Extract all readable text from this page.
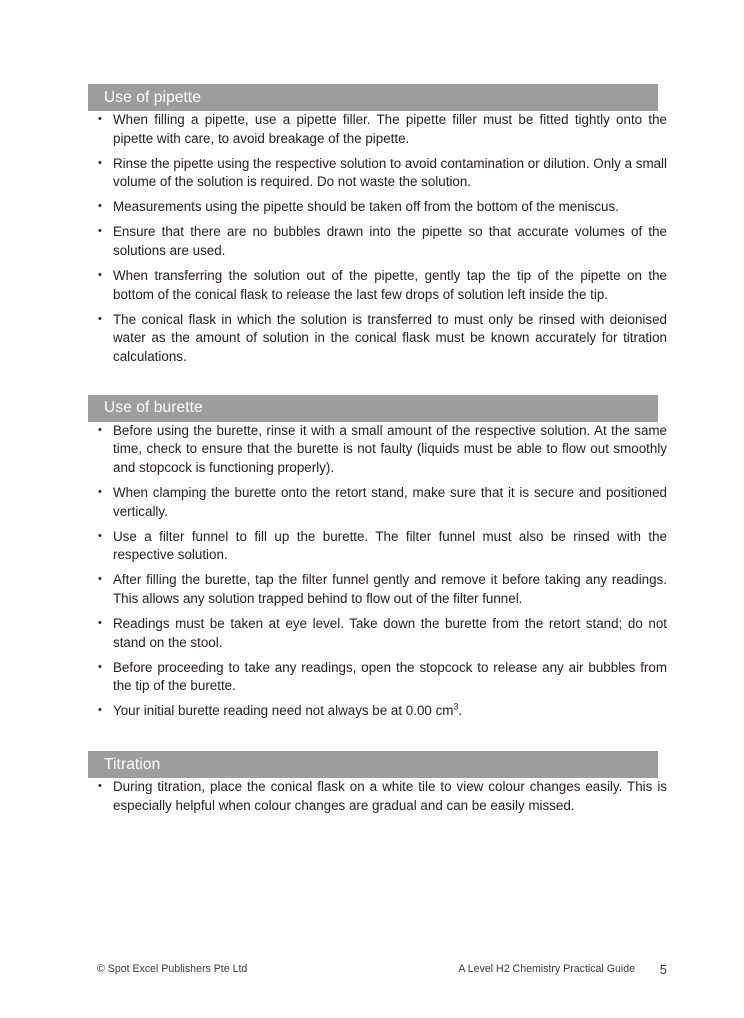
Use of pipette
• When filling a pipette, use a pipette filler. The pipette filler must be fitted tightly onto the pipette with care, to avoid breakage of the pipette.
• Rinse the pipette using the respective solution to avoid contamination or dilution. Only a small volume of the solution is required. Do not waste the solution.
• Measurements using the pipette should be taken off from the bottom of the meniscus.
• Ensure that there are no bubbles drawn into the pipette so that accurate volumes of the solutions are used.
• When transferring the solution out of the pipette, gently tap the tip of the pipette on the bottom of the conical flask to release the last few drops of solution left inside the tip.
• The conical flask in which the solution is transferred to must only be rinsed with deionised water as the amount of solution in the conical flask must be known accurately for titration calculations.
Use of burette
• Before using the burette, rinse it with a small amount of the respective solution. At the same time, check to ensure that the burette is not faulty (liquids must be able to flow out smoothly and stopcock is functioning properly).
• When clamping the burette onto the retort stand, make sure that it is secure and positioned vertically.
• Use a filter funnel to fill up the burette. The filter funnel must also be rinsed with the respective solution.
• After filling the burette, tap the filter funnel gently and remove it before taking any readings. This allows any solution trapped behind to flow out of the filter funnel.
• Readings must be taken at eye level. Take down the burette from the retort stand; do not stand on the stool.
• Before proceeding to take any readings, open the stopcock to release any air bubbles from the tip of the burette.
• Your initial burette reading need not always be at 0.00 $cm^3$.
Titration
• During titration, place the conical flask on a white tile to view colour changes easily. This is especially helpful when colour changes are gradual and can be easily missed.
© Spot Excel Publishers Pte Ltd	A Level H2 Chemistry Practical Guide 5
